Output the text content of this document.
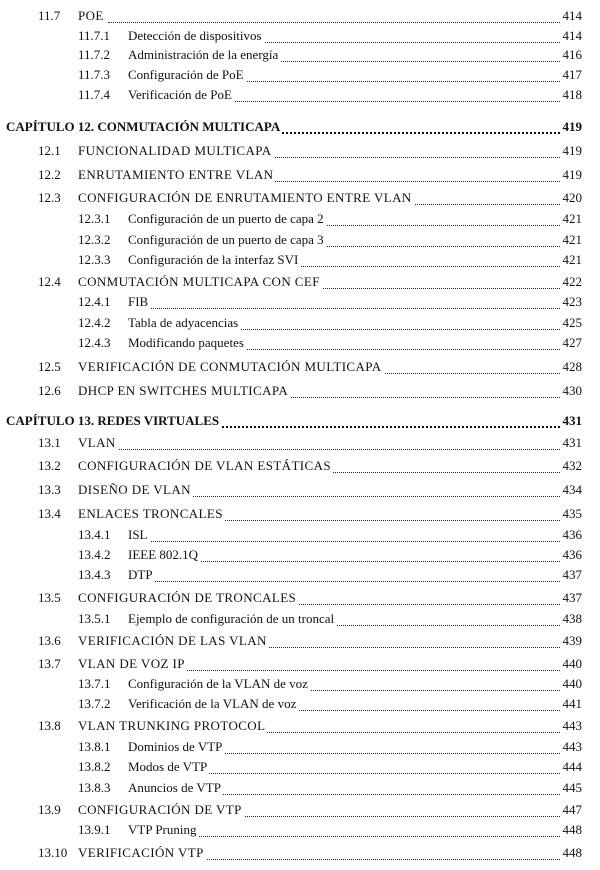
11.7 POE	414
11.7.1 Detección de dispositivos	414
11.7.2 Administración de la energía	416
11.7.3 Configuración de PoE	417
11.7.4 Verificación de PoE	418
CAPÍTULO 12. CONMUTACIÓN MULTICAPA	419
12.1 FUNCIONALIDAD MULTICAPA	419
12.2 ENRUTAMIENTO ENTRE VLAN	419
12.3 CONFIGURACIÓN DE ENRUTAMIENTO ENTRE VLAN	420
12.3.1 Configuración de un puerto de capa 2	421
12.3.2 Configuración de un puerto de capa 3	421
12.3.3 Configuración de la interfaz SVI	421
12.4 CONMUTACIÓN MULTICAPA CON CEF	422
12.4.1 FIB	423
12.4.2 Tabla de adyacencias	425
12.4.3 Modificando paquetes	427
12.5 VERIFICACIÓN DE CONMUTACIÓN MULTICAPA	428
12.6 DHCP EN SWITCHES MULTICAPA	430
CAPÍTULO 13. REDES VIRTUALES	431
13.1 VLAN	431
13.2 CONFIGURACIÓN DE VLAN ESTÁTICAS	432
13.3 DISEÑO DE VLAN	434
13.4 ENLACES TRONCALES	435
13.4.1 ISL	436
13.4.2 IEEE 802.1Q	436
13.4.3 DTP	437
13.5 CONFIGURACIÓN DE TRONCALES	437
13.5.1 Ejemplo de configuración de un troncal	438
13.6 VERIFICACIÓN DE LAS VLAN	439
13.7 VLAN DE VOZ IP	440
13.7.1 Configuración de la VLAN de voz	440
13.7.2 Verificación de la VLAN de voz	441
13.8 VLAN TRUNKING PROTOCOL	443
13.8.1 Dominios de VTP	443
13.8.2 Modos de VTP	444
13.8.3 Anuncios de VTP	445
13.9 CONFIGURACIÓN DE VTP	447
13.9.1 VTP Pruning	448
13.10 VERIFICACIÓN VTP	448
